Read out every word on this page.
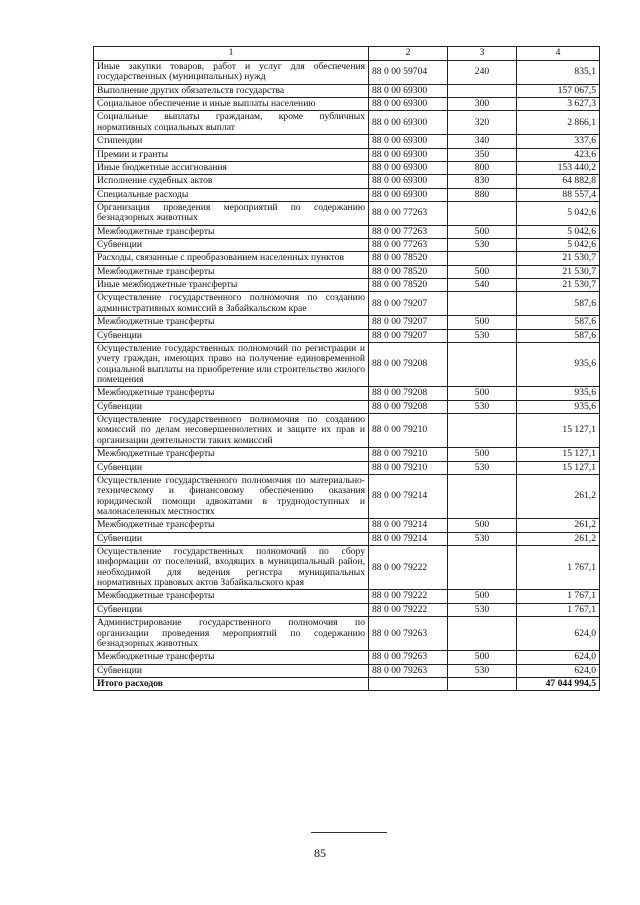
1	2	3	4
Иные закупки товаров, работ и услуг для обеспечения государственных (муниципальных) нужд	88 0 00 59704	240	835,1
Выполнение других обязательств государства	88 0 00 69300		157 067,5
Социальное обеспечение и иные выплаты населению	88 0 00 69300	300	3 627,3
Социальные выплаты гражданам, кроме публичных нормативных социальных выплат	88 0 00 69300	320	2 866,1
Стипендии	88 0 00 69300	340	337,6
Премии и гранты	88 0 00 69300	350	423,6
Иные бюджетные ассигнования	88 0 00 69300	800	153 440,2
Исполнение судебных актов	88 0 00 69300	830	64 882,8
Специальные расходы	88 0 00 69300	880	88 557,4
Организация проведения мероприятий по содержанию безнадзорных животных	88 0 00 77263		5 042,6
Межбюджетные трансферты	88 0 00 77263	500	5 042,6
Субвенции	88 0 00 77263	530	5 042,6
Расходы, связанные с преобразованием населенных пунктов	88 0 00 78520		21 530,7
Межбюджетные трансферты	88 0 00 78520	500	21 530,7
Иные межбюджетные трансферты	88 0 00 78520	540	21 530,7
Осуществление государственного полномочия по созданию административных комиссий в Забайкальском крае	88 0 00 79207		587,6
Межбюджетные трансферты	88 0 00 79207	500	587,6
Субвенции	88 0 00 79207	530	587,6
Осуществление государственных полномочий по регистрации и учету граждан, имеющих право на получение единовременной социальной выплаты на приобретение или строительство жилого помещения	88 0 00 79208		935,6
Межбюджетные трансферты	88 0 00 79208	500	935,6
Субвенции	88 0 00 79208	530	935,6
Осуществление государственного полномочия по созданию комиссий по делам несовершеннолетних и защите их прав и организации деятельности таких комиссий	88 0 00 79210		15 127,1
Межбюджетные трансферты	88 0 00 79210	500	15 127,1
Субвенции	88 0 00 79210	530	15 127,1
Осуществление государственного полномочия по материально-техническому и финансовому обеспечению оказания юридической помощи адвокатами в труднодоступных и малонаселенных местностях	88 0 00 79214		261,2
Межбюджетные трансферты	88 0 00 79214	500	261,2
Субвенции	88 0 00 79214	530	261,2
Осуществление государственных полномочий по сбору информации от поселений, входящих в муниципальный район, необходимой для ведения регистра муниципальных нормативных правовых актов Забайкальского края	88 0 00 79222		1 767,1
Межбюджетные трансферты	88 0 00 79222	500	1 767,1
Субвенции	88 0 00 79222	530	1 767,1
Администрирование государственного полномочия по организации проведения мероприятий по содержанию безнадзорных животных	88 0 00 79263		624,0
Межбюджетные трансферты	88 0 00 79263	500	624,0
Субвенции	88 0 00 79263	530	624,0
Итого расходов			47 044 994,5
85
